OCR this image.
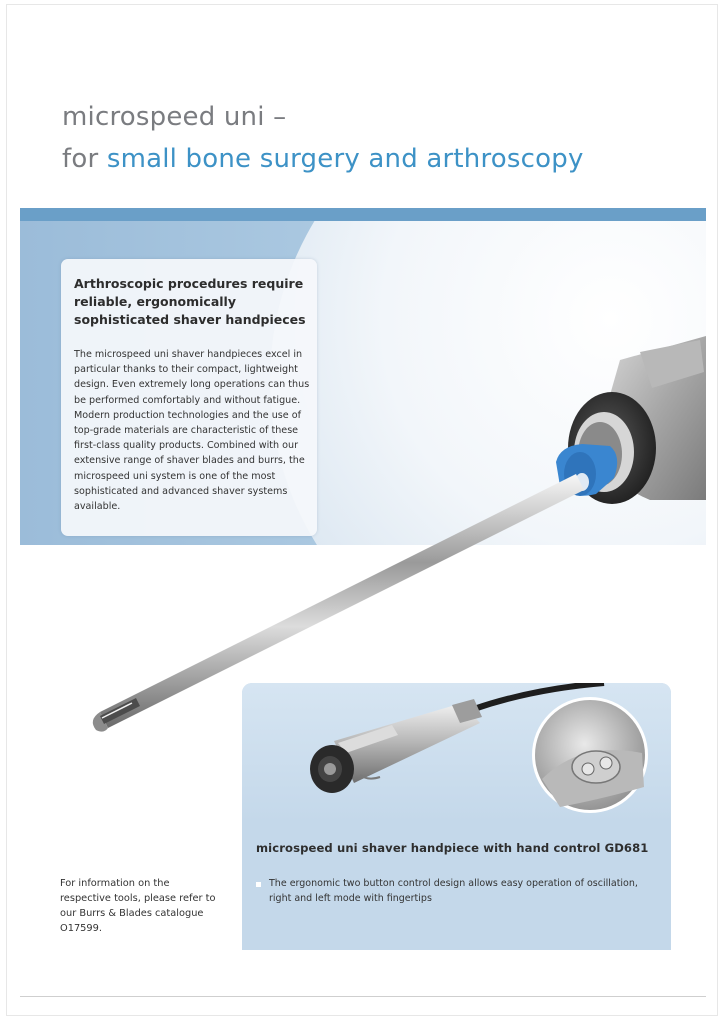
microspeed uni –
for small bone surgery and arthroscopy
Arthroscopic procedures require reliable, ergonomically sophisticated shaver handpieces

The microspeed uni shaver handpieces excel in particular thanks to their compact, lightweight design. Even extremely long operations can thus be performed comfortably and without fatigue. Modern production technologies and the use of top-grade materials are characteristic of these first-class quality products. Combined with our extensive range of shaver blades and burrs, the microspeed uni system is one of the most sophisticated and advanced shaver systems available.

microspeed uni shaver handpiece with hand control GD681
The ergonomic two button control design allows easy operation of oscillation, right and left mode with fingertips

For information on the respective tools, please refer to our Burrs & Blades catalogue O17599.
